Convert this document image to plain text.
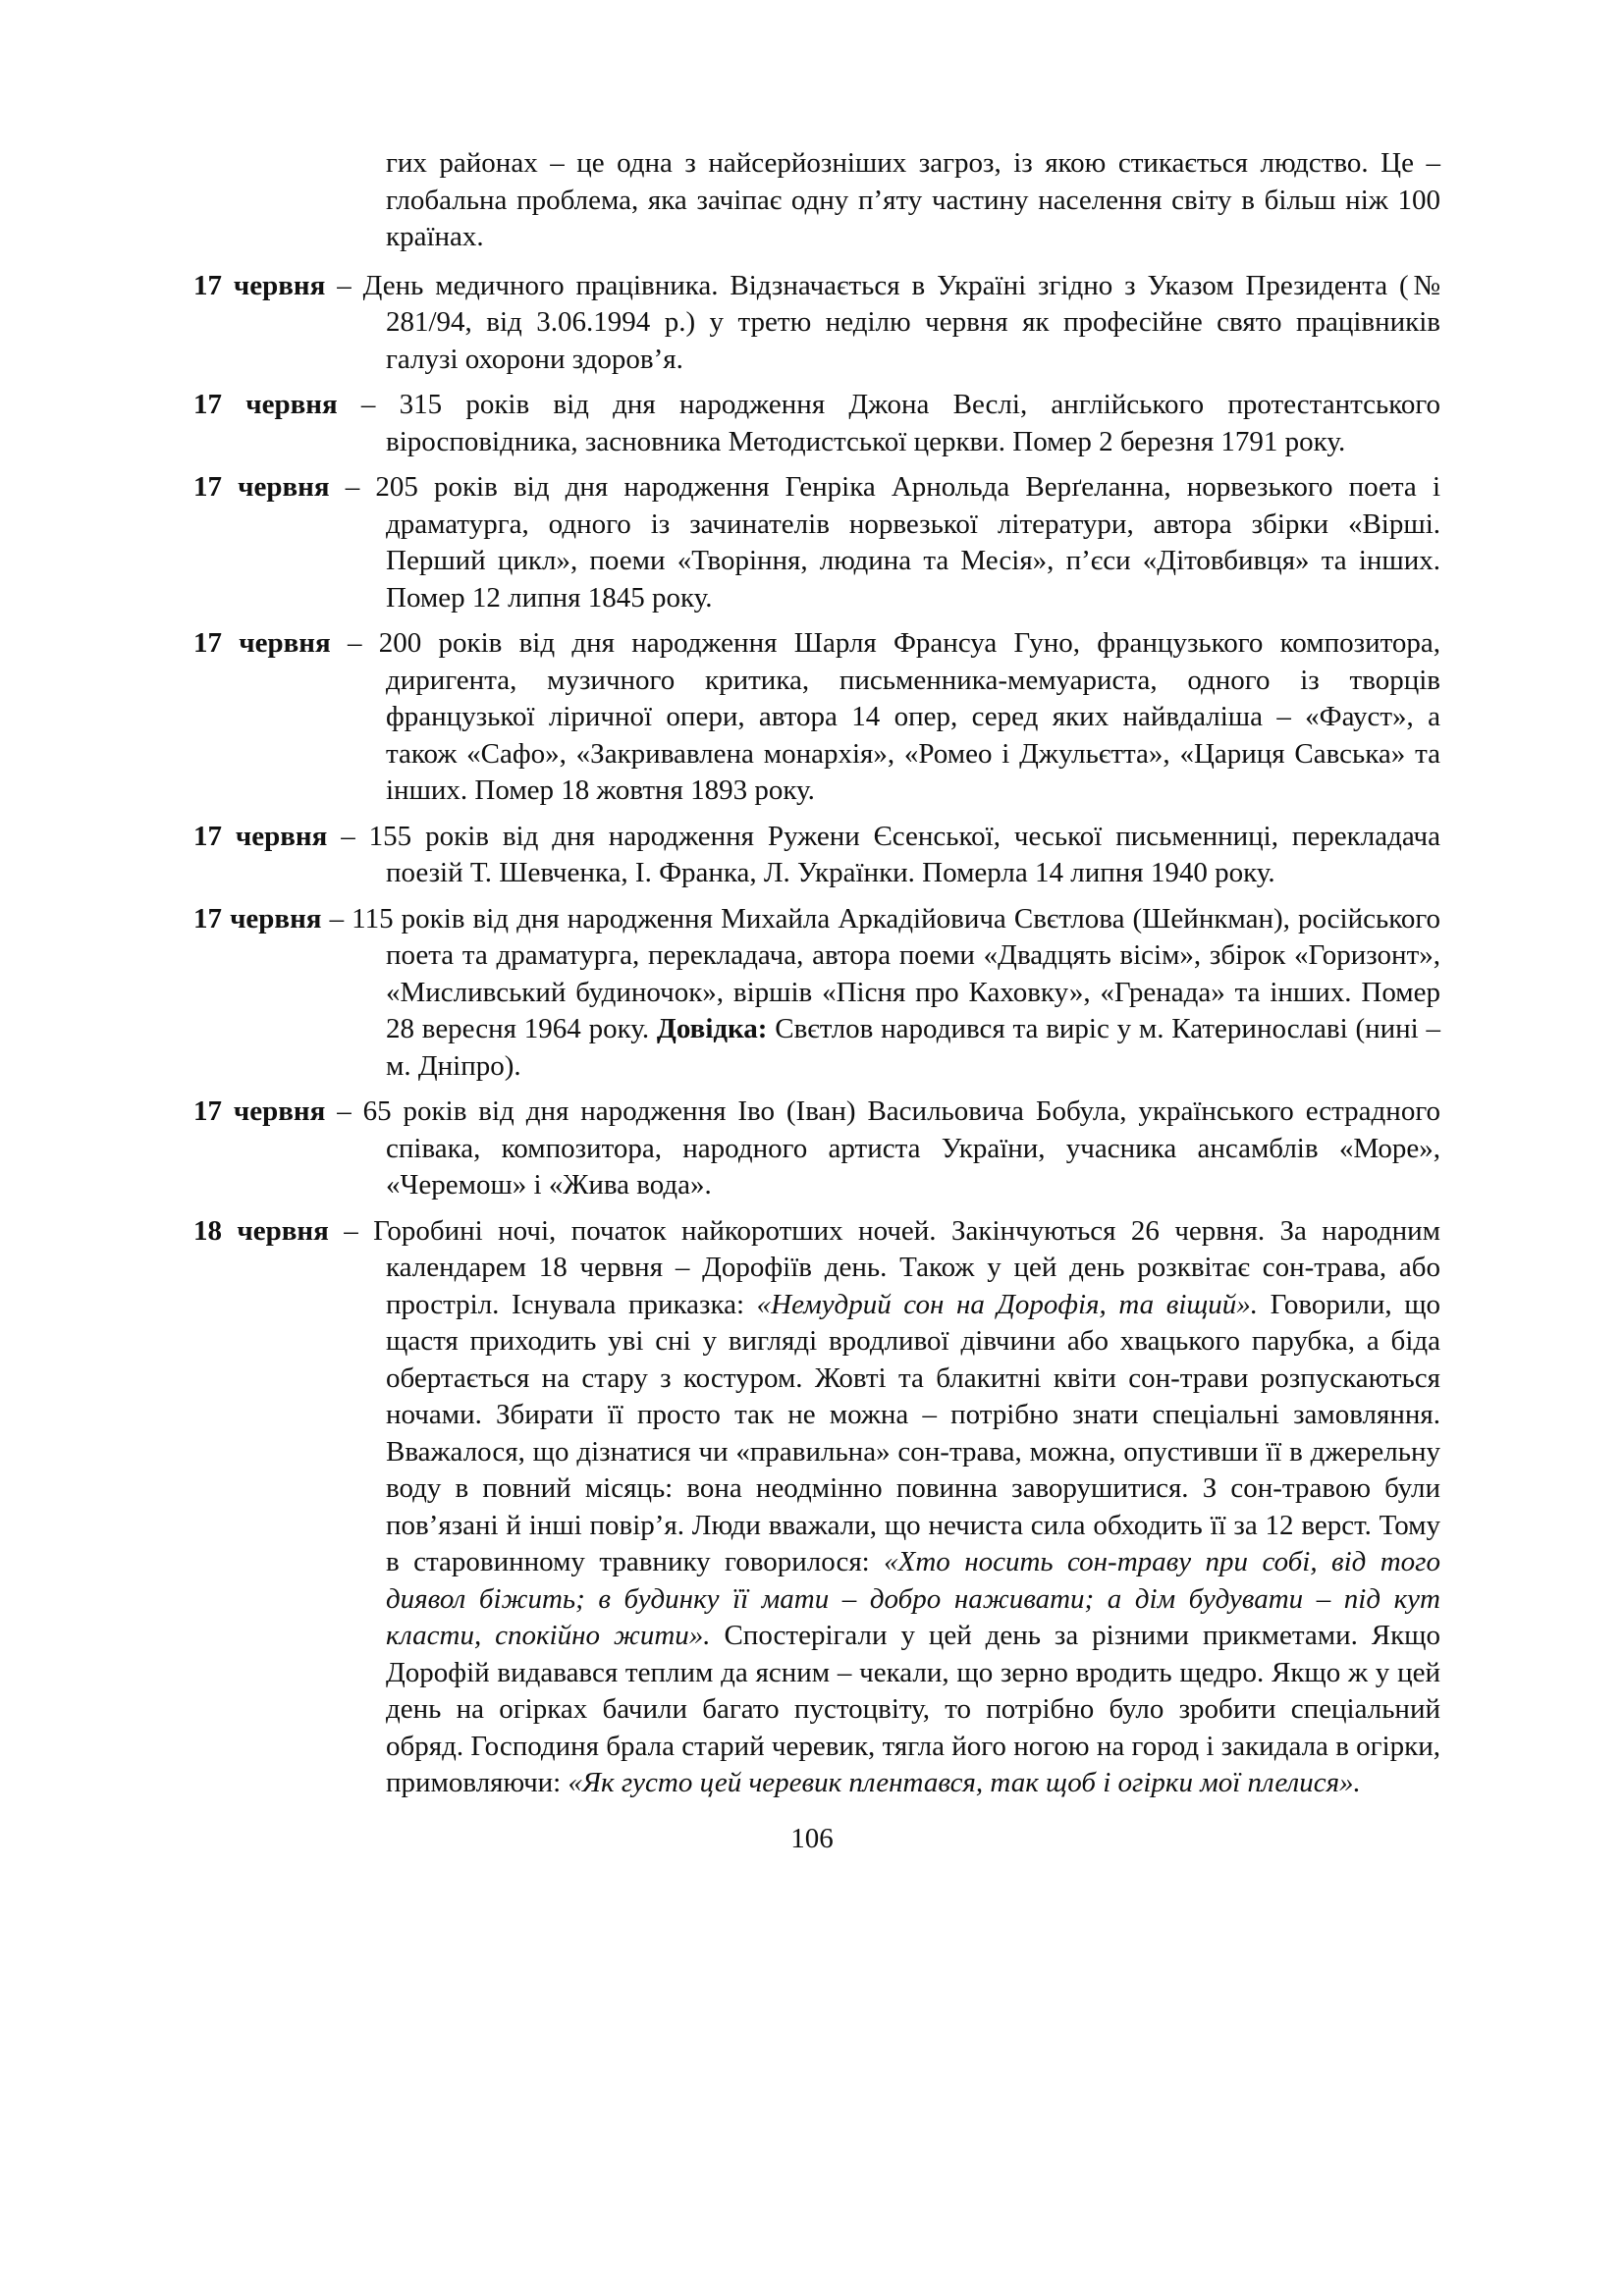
гих районах – це одна з найсерйозніших загроз, із якою стикається людство. Це – глобальна проблема, яка зачіпає одну п’яту частину населення світу в більш ніж 100 країнах.

17 червня – День медичного працівника. Відзначається в Україні згідно з Указом Президента (№ 281/94, від 3.06.1994 р.) у третю неділю червня як професійне свято працівників галузі охорони здоров’я.

17 червня – 315 років від дня народження Джона Веслі, англійського протестантського віросповідника, засновника Методистської церкви. Помер 2 березня 1791 року.

17 червня – 205 років від дня народження Генріка Арнольда Верґеланна, норвезького поета і драматурга, одного із зачинателів норвезької літератури, автора збірки «Вірші. Перший цикл», поеми «Творіння, людина та Месія», п’єси «Дітовбивця» та інших. Помер 12 липня 1845 року.

17 червня – 200 років від дня народження Шарля Франсуа Гуно, французького композитора, диригента, музичного критика, письменника-мемуариста, одного із творців французької ліричної опери, автора 14 опер, серед яких найвдаліша – «Фауст», а також «Сафо», «Закривавлена монархія», «Ромео і Джульєтта», «Цариця Савська» та інших. Помер 18 жовтня 1893 року.

17 червня – 155 років від дня народження Ружени Єсенської, чеської письменниці, перекладача поезій Т. Шевченка, І. Франка, Л. Українки. Померла 14 липня 1940 року.

17 червня – 115 років від дня народження Михайла Аркадійовича Свєтлова (Шейнкман), російського поета та драматурга, перекладача, автора поеми «Двадцять вісім», збірок «Горизонт», «Мисливський будиночок», віршів «Пісня про Каховку», «Гренада» та інших. Помер 28 вересня 1964 року. Довідка: Свєтлов народився та виріс у м. Катеринославі (нині – м. Дніпро).

17 червня – 65 років від дня народження Іво (Іван) Васильовича Бобула, українського естрадного співака, композитора, народного артиста України, учасника ансамблів «Море», «Черемош» і «Жива вода».

18 червня – Горобині ночі, початок найкоротших ночей. Закінчуються 26 червня. За народним календарем 18 червня – Дорофіїв день. Також у цей день розквітає сон-трава, або прострiл. Існувала приказка: «Немудрий сон на Дорофія, та віщий». Говорили, що щастя приходить уві сні у вигляді вродливої дівчини або хвацького парубка, а біда обертається на стару з костуром. Жовті та блакитні квіти сон-трави розпускаються ночами. Збирати її просто так не можна – потрібно знати спеціальні замовляння. Вважалося, що дізнатися чи «правильна» сон-трава, можна, опустивши її в джерельну воду в повний місяць: вона неодмінно повинна заворушитися. З сон-травою були пов’язані й інші повір’я. Люди вважали, що нечиста сила обходить її за 12 верст. Тому в старовинному травнику говорилося: «Хто носить сон-траву при собі, від того диявол біжить; в будинку її мати – добро наживати; а дім будувати – під кут класти, спокійно жити». Спостерігали у цей день за різними прикметами. Якщо Дорофій видавався теплим да ясним – чекали, що зерно вродить щедро. Якщо ж у цей день на огірках бачили багато пустоцвіту, то потрібно було зробити спеціальний обряд. Господиня брала старий черевик, тягла його ногою на город і закидала в огірки, примовляючи: «Як густо цей черевик плентався, так щоб і огірки мої плелися».

106
